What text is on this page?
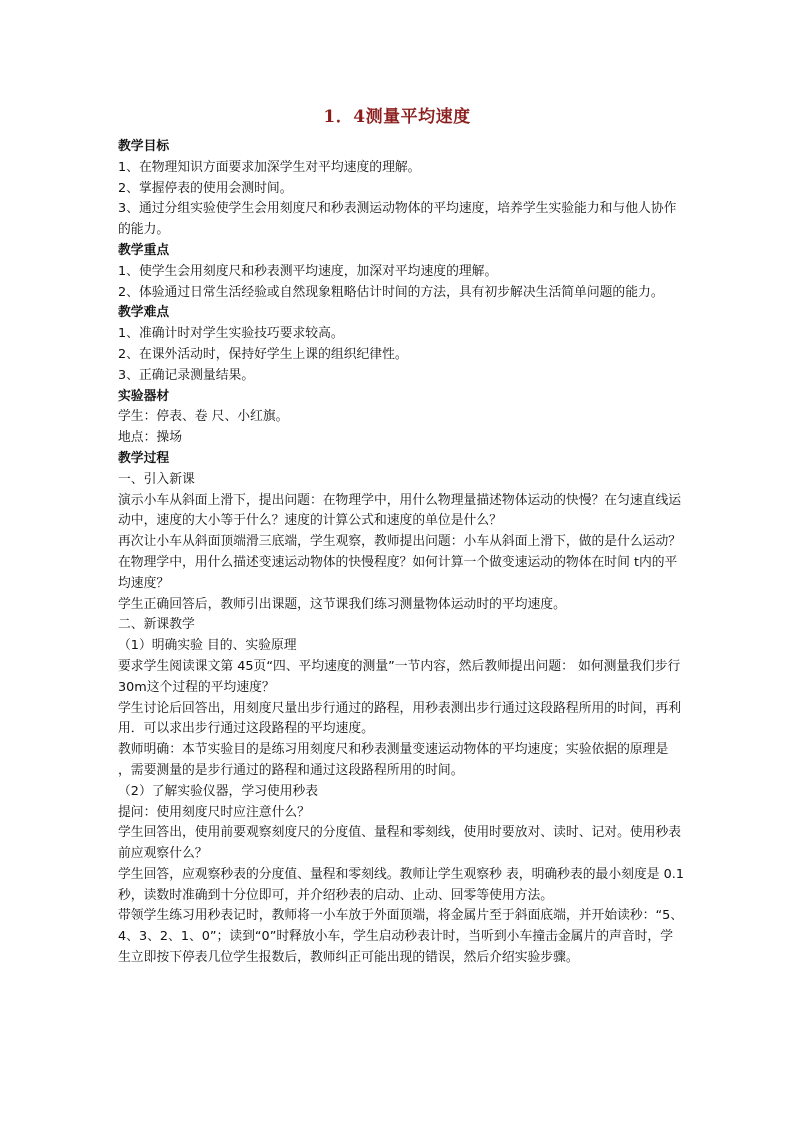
1．4测量平均速度

教学目标

1、在物理知识方面要求加深学生对平均速度的理解。

2、掌握停表的使用会测时间。

3、通过分组实验使学生会用刻度尺和秒表测运动物体的平均速度，培养学生实验能力和与他人协作的能力。

教学重点

1、使学生会用刻度尺和秒表测平均速度，加深对平均速度的理解。

2、体验通过日常生活经验或自然现象粗略估计时间的方法，具有初步解决生活简单问题的能力。

教学难点

1、准确计时对学生实验技巧要求较高。

2、在课外活动时，保持好学生上课的组织纪律性。

3、正确记录测量结果。

实验器材

学生：停表、卷 尺、小红旗。

地点：操场

教学过程

一、引入新课

演示小车从斜面上滑下，提出问题：在物理学中，用什么物理量描述物体运动的快慢？在匀速直线运动中，速度的大小等于什么？速度的计算公式和速度的单位是什么？

再次让小车从斜面顶端滑三底端，学生观察，教师提出问题：小车从斜面上滑下，做的是什么运动？在物理学中，用什么描述变速运动物体的快慢程度？如何计算一个做变速运动的物体在时间 t内的平均速度？

学生正确回答后，教师引出课题，这节课我们练习测量物体运动时的平均速度。

二、新课教学

（1）明确实验 目的、实验原理

要求学生阅读课文第 45页“四、平均速度的测量”一节内容，然后教师提出问题： 如何测量我们步行 30m这个过程的平均速度？

学生讨论后回答出，用刻度尺量出步行通过的路程，用秒表测出步行通过这段路程所用的时间，再利用．可以求出步行通过这段路程的平均速度。

教师明确：本节实验目的是练习用刻度尺和秒表测量变速运动物体的平均速度；实验依据的原理是 ，需要测量的是步行通过的路程和通过这段路程所用的时间。

（2）了解实验仪器，学习使用秒表

提问：使用刻度尺时应注意什么？

学生回答出，使用前要观察刻度尺的分度值、量程和零刻线，使用时要放对、读时、记对。使用秒表前应观察什么？

学生回答，应观察秒表的分度值、量程和零刻线。教师让学生观察秒 表，明确秒表的最小刻度是 0.1秒，读数时准确到十分位即可，并介绍秒表的启动、止动、回零等使用方法。

带领学生练习用秒表记时，教师将一小车放于外面顶端，将金属片至于斜面底端，并开始读秒：“5、4、3、2、1、0”；读到“0”时释放小车，学生启动秒表计时，当听到小车撞击金属片的声音时，学生立即按下停表几位学生报数后，教师纠正可能出现的错误，然后介绍实验步骤。
